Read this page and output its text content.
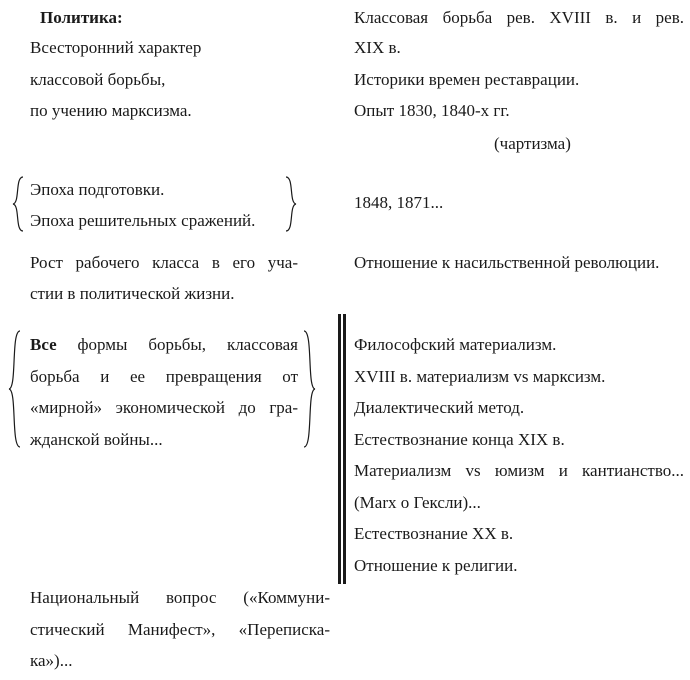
Политика:
Всесторонний характер
классовой борьбы,
по учению марксизма.
Эпоха подготовки.
Эпоха решительных сражений.
Рост рабочего класса в его уча-
стии в политической жизни.
Все формы борьбы, классовая
борьба и ее превращения от
«мирной» экономической до гра-
жданской войны...
Национальный вопрос («Коммуни-
стический Манифест», «Переписка-
ка»)...
Классовая борьба рев. XVIII в. и рев.
XIX в.
Историки времен реставрации.
Опыт 1830, 1840-х гг.
(чартизма)
1848, 1871...
Отношение к насильственной революции.
Философский материализм.
XVIII в. материализм vs марксизм.
Диалектический метод.
Естествознание конца XIX в.
Материализм vs юмизм и кантианство...
(Marx о Гексли)...
Естествознание XX в.
Отношение к религии.
